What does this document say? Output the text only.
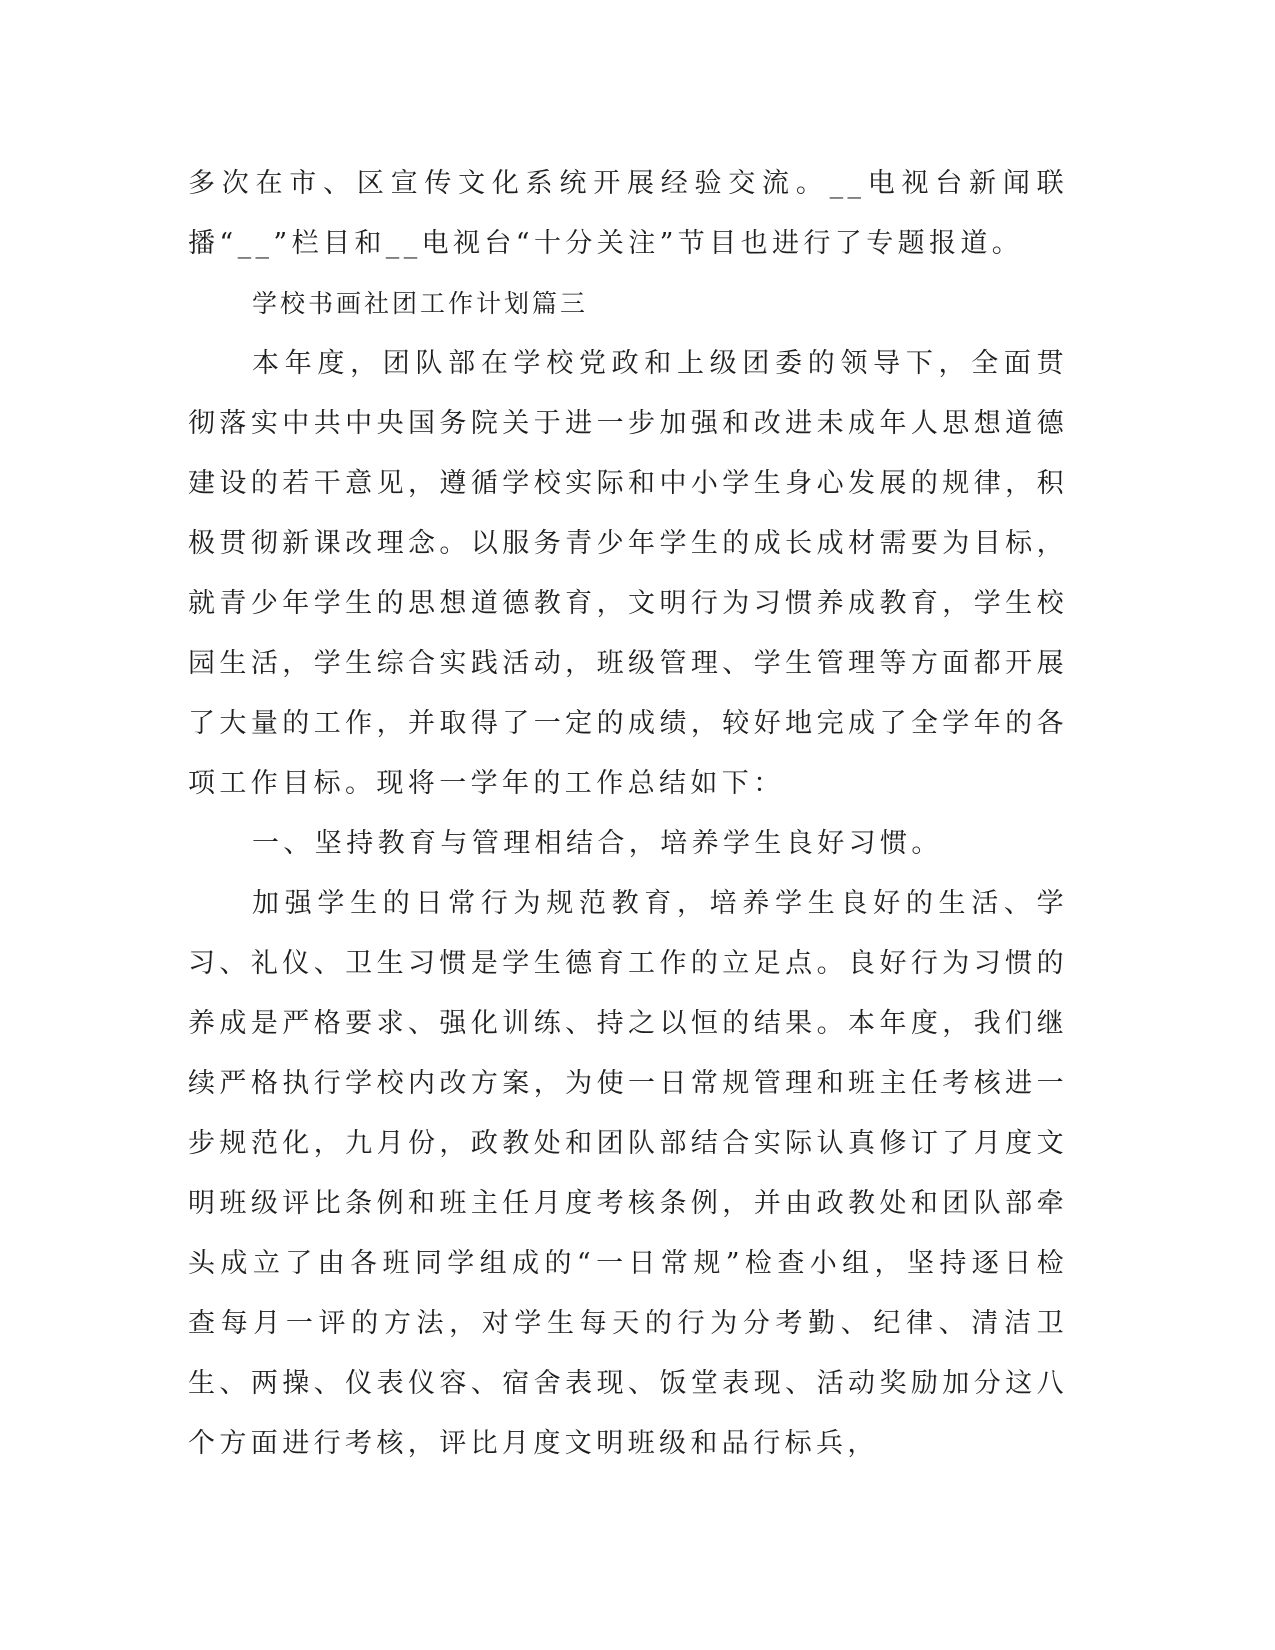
多次在市、区宣传文化系统开展经验交流。__电视台新闻联播“__”栏目和__电视台“十分关注”节目也进行了专题报道。

学校书画社团工作计划篇三

本年度，团队部在学校党政和上级团委的领导下，全面贯彻落实中共中央国务院关于进一步加强和改进未成年人思想道德建设的若干意见，遵循学校实际和中小学生身心发展的规律，积极贯彻新课改理念。以服务青少年学生的成长成材需要为目标，就青少年学生的思想道德教育，文明行为习惯养成教育，学生校园生活，学生综合实践活动，班级管理、学生管理等方面都开展了大量的工作，并取得了一定的成绩，较好地完成了全学年的各项工作目标。现将一学年的工作总结如下：

一、坚持教育与管理相结合，培养学生良好习惯。

加强学生的日常行为规范教育，培养学生良好的生活、学习、礼仪、卫生习惯是学生德育工作的立足点。良好行为习惯的养成是严格要求、强化训练、持之以恒的结果。本年度，我们继续严格执行学校内改方案，为使一日常规管理和班主任考核进一步规范化，九月份，政教处和团队部结合实际认真修订了月度文明班级评比条例和班主任月度考核条例，并由政教处和团队部牵头成立了由各班同学组成的“一日常规”检查小组，坚持逐日检查每月一评的方法，对学生每天的行为分考勤、纪律、清洁卫生、两操、仪表仪容、宿舍表现、饭堂表现、活动奖励加分这八个方面进行考核，评比月度文明班级和品行标兵，
